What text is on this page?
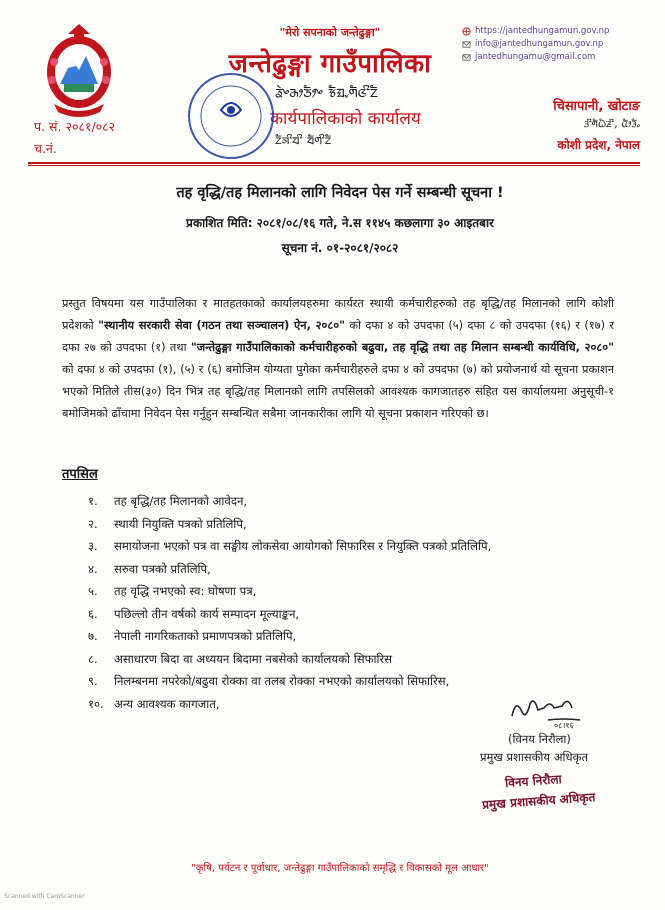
"मेरो सपनाको जन्तेढुङ्गा"
जन्तेढुङ्गा गाउँपालिका
ᤕᤧᤴᤌᤣᤍᤥᤴ ᤃᤠᤀᤩᤛᤠᤜᤡᤁᤠ
कार्यपालिकाको कार्यालय
ᤁᤠᤈᤡᤔᤡ ᤔᤠᤛᤡᤁᤠ
https://jantedhungamun.gov.np
info@jantedhungamun.gov.np
jantedhungamu@gmail.com
चिसापानी, खोटाङ
ᤋᤡᤛᤠᤐᤠᤏᤡ, ᤂᤥᤋᤠᤱ
कोशी प्रदेश, नेपाल
प. सं. २०८१/०८२
च.नं.
तह वृद्धि/तह मिलानको लागि निवेदन पेस गर्ने सम्बन्धी सूचना !
प्रकाशित मिति: २०८१/०८/१६ गते, ने.स ११४५ कछलागा ३० आइतबार
सूचना नं. ०१-२०८१/२०८२
प्रस्तुत विषयमा यस गाउँपालिका र मातहतकाको कार्यालयहरुमा कार्यरत स्थायी कर्मचारीहरुको तह बृद्धि/तह मिलानको लागि कोशी प्रदेशको "स्थानीय सरकारी सेवा (गठन तथा सञ्चालन) ऐन, २०८०" को दफा ४ को उपदफा (५) दफा ८ को उपदफा (१६) र (१७) र दफा २७ को उपदफा (१) तथा "जन्तेढुङ्गा गाउँपालिकाको कर्मचारीहरुको बढुवा, तह वृद्धि तथा तह मिलान सम्बन्धी कार्यविधि, २०८०" को दफा ४ को उपदफा (१), (५) र (६) बमोजिम योग्यता पुगेका कर्मचारीहरुले दफा ४ को उपदफा (७) को प्रयोजनार्थ यो सूचना प्रकाशन भएको मितिले तीस(३०) दिन भित्र तह बृद्धि/तह मिलानको लागि तपसिलको आवश्यक कागजातहरु सहित यस कार्यालयमा अनुसूची-१ बमोजिमको ढाँचामा निवेदन पेस गर्नुहुन सम्बन्धित सबैमा जानकारीका लागि यो सूचना प्रकाशन गरिएको छ।
तपसिल
१.	तह बृद्धि/तह मिलानको आवेदन,
२.	स्थायी नियुक्ति पत्रको प्रतिलिपि,
३.	समायोजना भएको पत्र वा सङ्घीय लोकसेवा आयोगको सिफारिस र नियुक्ति पत्रको प्रतिलिपि,
४.	सरुवा पत्रको प्रतिलिपि,
५.	तह वृद्धि नभएको स्व: घोषणा पत्र,
६.	पछिल्लो तीन वर्षको कार्य सम्पादन मूल्याङ्कन,
७.	नेपाली नागरिकताको प्रमाणपत्रको प्रतिलिपि,
८.	असाधारण बिदा वा अध्ययन बिदामा नबसेको कार्यालयको सिफारिस
९.	निलम्बनमा नपरेको/बढुवा रोक्का वा तलब रोक्का नभएको कार्यालयको सिफारिस,
१०. अन्य आवश्यक कागजात,
०८।१६
(विनय निरौला)
प्रमुख प्रशासकीय अधिकृत
विनय निरौला
प्रमुख प्रशासकीय अधिकृत
"कृषि, पर्यटन र पूर्वाधार, जन्तेढुङ्गा गाउँपालिकाको समृद्धि र विकासको मूल आधार"
Scanned with CamScanner
